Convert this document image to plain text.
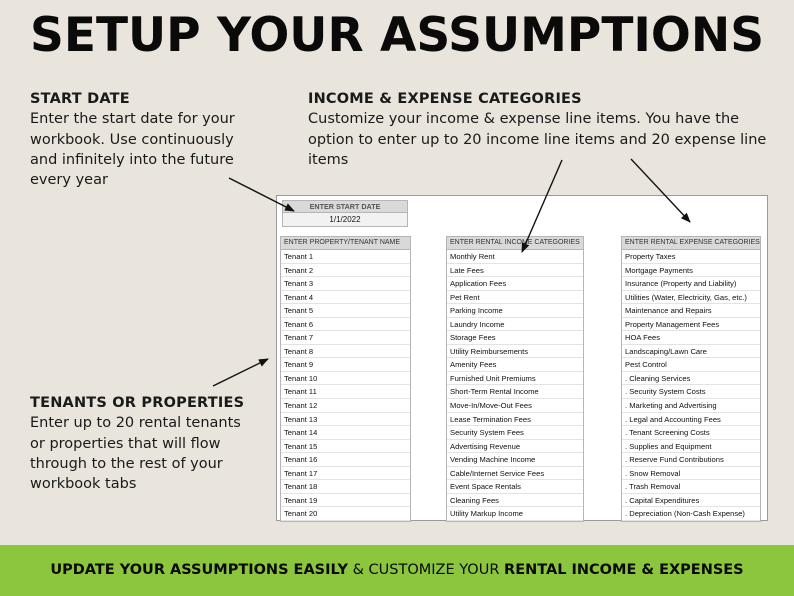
SETUP YOUR ASSUMPTIONS
START DATE
Enter the start date for your workbook. Use continuously and infinitely into the future every year
INCOME & EXPENSE CATEGORIES
Customize your income & expense line items. You have the option to enter up to 20 income line items and 20 expense line items
TENANTS OR PROPERTIES
Enter up to 20 rental tenants or properties that will flow through to the rest of your workbook tabs
ENTER START DATE
1/1/2022
ENTER PROPERTY/TENANT NAME
Tenant 1
Tenant 2
Tenant 3
Tenant 4
Tenant 5
Tenant 6
Tenant 7
Tenant 8
Tenant 9
Tenant 10
Tenant 11
Tenant 12
Tenant 13
Tenant 14
Tenant 15
Tenant 16
Tenant 17
Tenant 18
Tenant 19
Tenant 20
ENTER RENTAL INCOME CATEGORIES
Monthly Rent
Late Fees
Application Fees
Pet Rent
Parking Income
Laundry Income
Storage Fees
Utility Reimbursements
Amenity Fees
Furnished Unit Premiums
Short-Term Rental Income
Move-In/Move-Out Fees
Lease Termination Fees
Security System Fees
Advertising Revenue
Vending Machine Income
Cable/Internet Service Fees
Event Space Rentals
Cleaning Fees
Utility Markup Income
ENTER RENTAL EXPENSE CATEGORIES
Property Taxes
Mortgage Payments
Insurance (Property and Liability)
Utilities (Water, Electricity, Gas, etc.)
Maintenance and Repairs
Property Management Fees
HOA Fees
Landscaping/Lawn Care
Pest Control
. Cleaning Services
. Security System Costs
. Marketing and Advertising
. Legal and Accounting Fees
. Tenant Screening Costs
. Supplies and Equipment
. Reserve Fund Contributions
. Snow Removal
. Trash Removal
. Capital Expenditures
. Depreciation (Non-Cash Expense)
UPDATE YOUR ASSUMPTIONS EASILY & CUSTOMIZE YOUR RENTAL INCOME & EXPENSES
